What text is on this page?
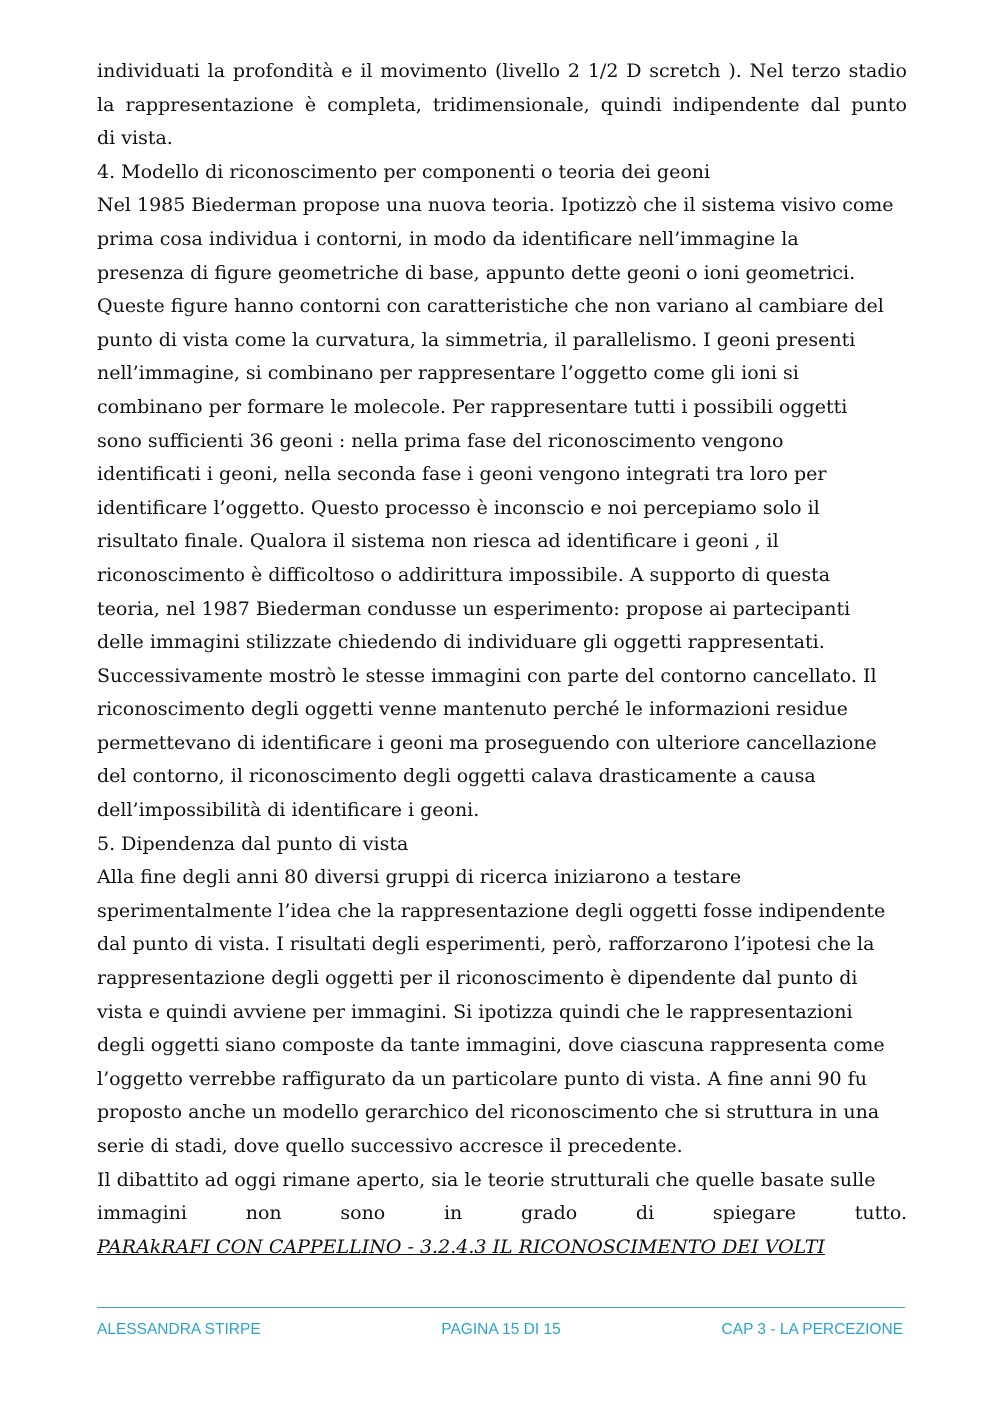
individuati la profondità e il movimento (livello 2 1/2 D scretch ). Nel terzo stadio
la rappresentazione è completa, tridimensionale, quindi indipendente dal punto
di vista.
4. Modello di riconoscimento per componenti o teoria dei geoni
Nel 1985 Biederman propose una nuova teoria. Ipotizzò che il sistema visivo come
prima cosa individua i contorni, in modo da identificare nell’immagine la
presenza di figure geometriche di base, appunto dette geoni o ioni geometrici.
Queste figure hanno contorni con caratteristiche che non variano al cambiare del
punto di vista come la curvatura, la simmetria, il parallelismo. I geoni presenti
nell’immagine, si combinano per rappresentare l’oggetto come gli ioni si
combinano per formare le molecole. Per rappresentare tutti i possibili oggetti
sono sufficienti 36 geoni : nella prima fase del riconoscimento vengono
identificati i geoni, nella seconda fase i geoni vengono integrati tra loro per
identificare l’oggetto. Questo processo è inconscio e noi percepiamo solo il
risultato finale. Qualora il sistema non riesca ad identificare i geoni , il
riconoscimento è difficoltoso o addirittura impossibile. A supporto di questa
teoria, nel 1987 Biederman condusse un esperimento: propose ai partecipanti
delle immagini stilizzate chiedendo di individuare gli oggetti rappresentati.
Successivamente mostrò le stesse immagini con parte del contorno cancellato. Il
riconoscimento degli oggetti venne mantenuto perché le informazioni residue
permettevano di identificare i geoni ma proseguendo con ulteriore cancellazione
del contorno, il riconoscimento degli oggetti calava drasticamente a causa
dell’impossibilità di identificare i geoni.
5. Dipendenza dal punto di vista
Alla fine degli anni 80 diversi gruppi di ricerca iniziarono a testare
sperimentalmente l’idea che la rappresentazione degli oggetti fosse indipendente
dal punto di vista. I risultati degli esperimenti, però, rafforzarono l’ipotesi che la
rappresentazione degli oggetti per il riconoscimento è dipendente dal punto di
vista e quindi avviene per immagini. Si ipotizza quindi che le rappresentazioni
degli oggetti siano composte da tante immagini, dove ciascuna rappresenta come
l’oggetto verrebbe raffigurato da un particolare punto di vista. A fine anni 90 fu
proposto anche un modello gerarchico del riconoscimento che si struttura in una
serie di stadi, dove quello successivo accresce il precedente.
Il dibattito ad oggi rimane aperto, sia le teorie strutturali che quelle basate sulle
immagini non sono in grado di spiegare tutto.
PARAkRAFI CON CAPPELLINO - 3.2.4.3 IL RICONOSCIMENTO DEI VOLTI
ALESSANDRA STIRPE	PAGINA 15 DI 15	CAP 3 - LA PERCEZIONE
